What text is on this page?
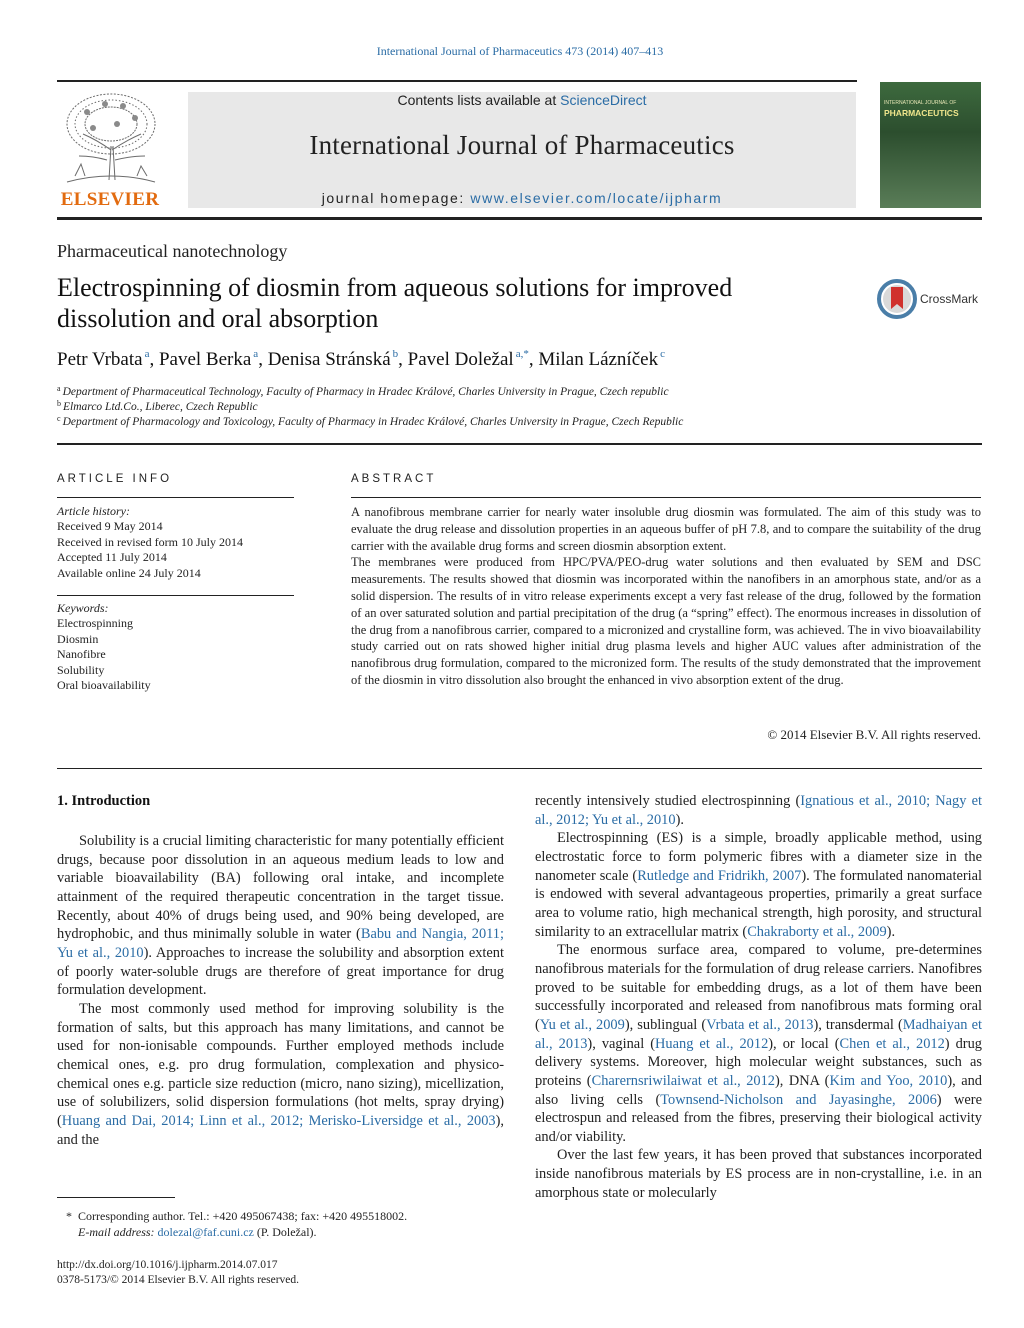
International Journal of Pharmaceutics 473 (2014) 407–413
ELSEVIER
Contents lists available at ScienceDirect
International Journal of Pharmaceutics
journal homepage: www.elsevier.com/locate/ijpharm
INTERNATIONAL JOURNAL OF
PHARMACEUTICS
Pharmaceutical nanotechnology
Electrospinning of diosmin from aqueous solutions for improved
dissolution and oral absorption
CrossMark
Petr Vrbata $^a$, Pavel Berka $^a$, Denisa Stránská $^b$, Pavel Doležal $^{a,*}$, Milan Lázníček $^c$
$^a$ Department of Pharmaceutical Technology, Faculty of Pharmacy in Hradec Králové, Charles University in Prague, Czech republic
$^b$ Elmarco Ltd.Co., Liberec, Czech Republic
$^c$ Department of Pharmacology and Toxicology, Faculty of Pharmacy in Hradec Králové, Charles University in Prague, Czech Republic
ARTICLE INFO
Article history:
Received 9 May 2014
Received in revised form 10 July 2014
Accepted 11 July 2014
Available online 24 July 2014
Keywords:
Electrospinning
Diosmin
Nanofibre
Solubility
Oral bioavailability
ABSTRACT

A nanofibrous membrane carrier for nearly water insoluble drug diosmin was formulated. The aim of this study was to evaluate the drug release and dissolution properties in an aqueous buffer of pH 7.8, and to compare the suitability of the drug carrier with the available drug forms and screen diosmin absorption extent.

The membranes were produced from HPC/PVA/PEO-drug water solutions and then evaluated by SEM and DSC measurements. The results showed that diosmin was incorporated within the nanofibers in an amorphous state, and/or as a solid dispersion. The results of in vitro release experiments except a very fast release of the drug, followed by the formation of an over saturated solution and partial precipitation of the drug (a “spring” effect). The enormous increases in dissolution of the drug from a nanofibrous carrier, compared to a micronized and crystalline form, was achieved. The in vivo bioavailability study carried out on rats showed higher initial drug plasma levels and higher AUC values after administration of the nanofibrous drug formulation, compared to the micronized form. The results of the study demonstrated that the improvement of the diosmin in vitro dissolution also brought the enhanced in vivo absorption extent of the drug.

© 2014 Elsevier B.V. All rights reserved.
1. Introduction

Solubility is a crucial limiting characteristic for many potentially efficient drugs, because poor dissolution in an aqueous medium leads to low and variable bioavailability (BA) following oral intake, and incomplete attainment of the required therapeutic concentration in the target tissue. Recently, about 40% of drugs being used, and 90% being developed, are hydrophobic, and thus minimally soluble in water (Babu and Nangia, 2011; Yu et al., 2010). Approaches to increase the solubility and absorption extent of poorly water-soluble drugs are therefore of great importance for drug formulation development.

The most commonly used method for improving solubility is the formation of salts, but this approach has many limitations, and cannot be used for non-ionisable compounds. Further employed methods include chemical ones, e.g. pro drug formulation, complexation and physico-chemical ones e.g. particle size reduction (micro, nano sizing), micellization, use of solubilizers, solid dispersion formulations (hot melts, spray drying) (Huang and Dai, 2014; Linn et al., 2012; Merisko-Liversidge et al., 2003), and the

recently intensively studied electrospinning (Ignatious et al., 2010; Nagy et al., 2012; Yu et al., 2010).

Electrospinning (ES) is a simple, broadly applicable method, using electrostatic force to form polymeric fibres with a diameter size in the nanometer scale (Rutledge and Fridrikh, 2007). The formulated nanomaterial is endowed with several advantageous properties, primarily a great surface area to volume ratio, high mechanical strength, high porosity, and structural similarity to an extracellular matrix (Chakraborty et al., 2009).

The enormous surface area, compared to volume, pre-determines nanofibrous materials for the formulation of drug release carriers. Nanofibres proved to be suitable for embedding drugs, as a lot of them have been successfully incorporated and released from nanofibrous mats forming oral (Yu et al., 2009), sublingual (Vrbata et al., 2013), transdermal (Madhaiyan et al., 2013), vaginal (Huang et al., 2012), or local (Chen et al., 2012) drug delivery systems. Moreover, high molecular weight substances, such as proteins (Charernsriwilaiwat et al., 2012), DNA (Kim and Yoo, 2010), and also living cells (Townsend-Nicholson and Jayasinghe, 2006) were electrospun and released from the fibres, preserving their biological activity and/or viability.

Over the last few years, it has been proved that substances incorporated inside nanofibrous materials by ES process are in non-crystalline, i.e. in an amorphous state or molecularly

* Corresponding author. Tel.: +420 495067438; fax: +420 495518002.
E-mail address: dolezal@faf.cuni.cz (P. Doležal).
http://dx.doi.org/10.1016/j.ijpharm.2014.07.017
0378-5173/© 2014 Elsevier B.V. All rights reserved.
